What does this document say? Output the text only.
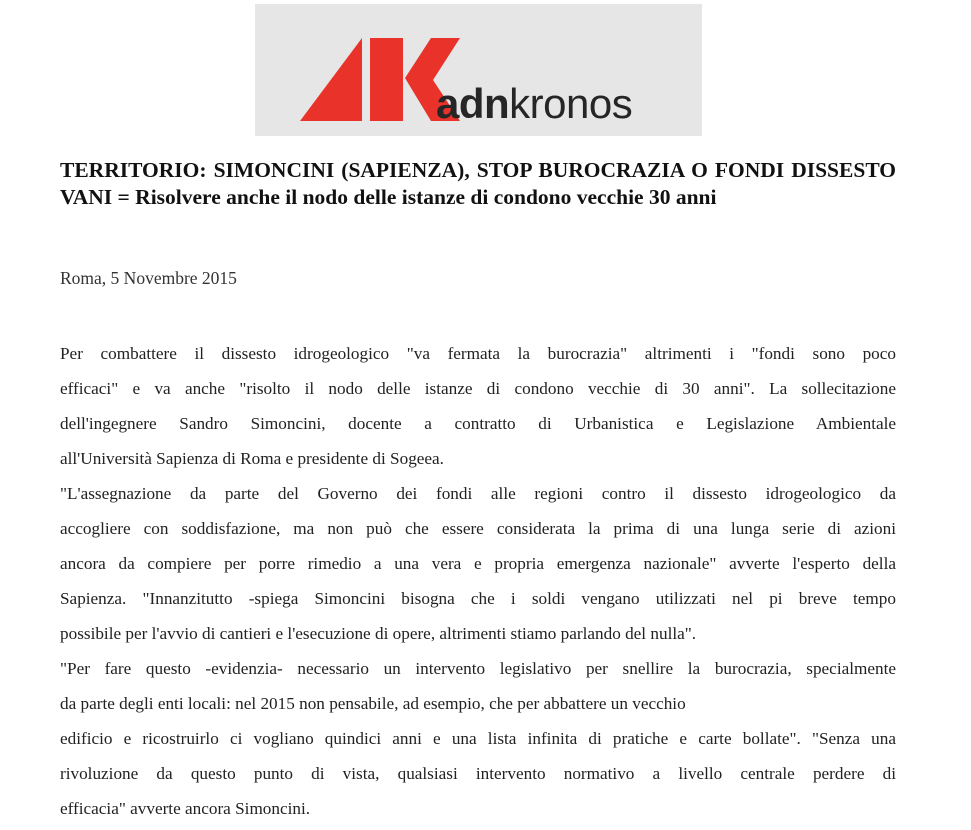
adnkronos
TERRITORIO: SIMONCINI (SAPIENZA), STOP BUROCRAZIA O FONDI DISSESTO VANI = Risolvere anche il nodo delle istanze di condono vecchie 30 anni
Roma, 5 Novembre 2015

Per combattere il dissesto idrogeologico "va fermata la burocrazia" altrimenti i "fondi sono poco
efficaci" e va anche "risolto il nodo delle istanze di condono vecchie di 30 anni". La sollecitazione
dell'ingegnere Sandro Simoncini, docente a contratto di Urbanistica e Legislazione Ambientale
all'Università Sapienza di Roma e presidente di Sogeea.

"L'assegnazione da parte del Governo dei fondi alle regioni contro il dissesto idrogeologico da
accogliere con soddisfazione, ma non può che essere considerata la prima di una lunga serie di azioni
ancora da compiere per porre rimedio a una vera e propria emergenza nazionale" avverte l'esperto della
Sapienza. "Innanzitutto -spiega Simoncini bisogna che i soldi vengano utilizzati nel pi breve tempo
possibile per l'avvio di cantieri e l'esecuzione di opere, altrimenti stiamo parlando del nulla".

"Per fare questo -evidenzia- necessario un intervento legislativo per snellire la burocrazia, specialmente
da parte degli enti locali: nel 2015 non pensabile, ad esempio, che per abbattere un vecchio
edificio e ricostruirlo ci vogliano quindici anni e una lista infinita di pratiche e carte bollate". "Senza una
rivoluzione da questo punto di vista, qualsiasi intervento normativo a livello centrale perdere di
efficacia" avverte ancora Simoncini.
